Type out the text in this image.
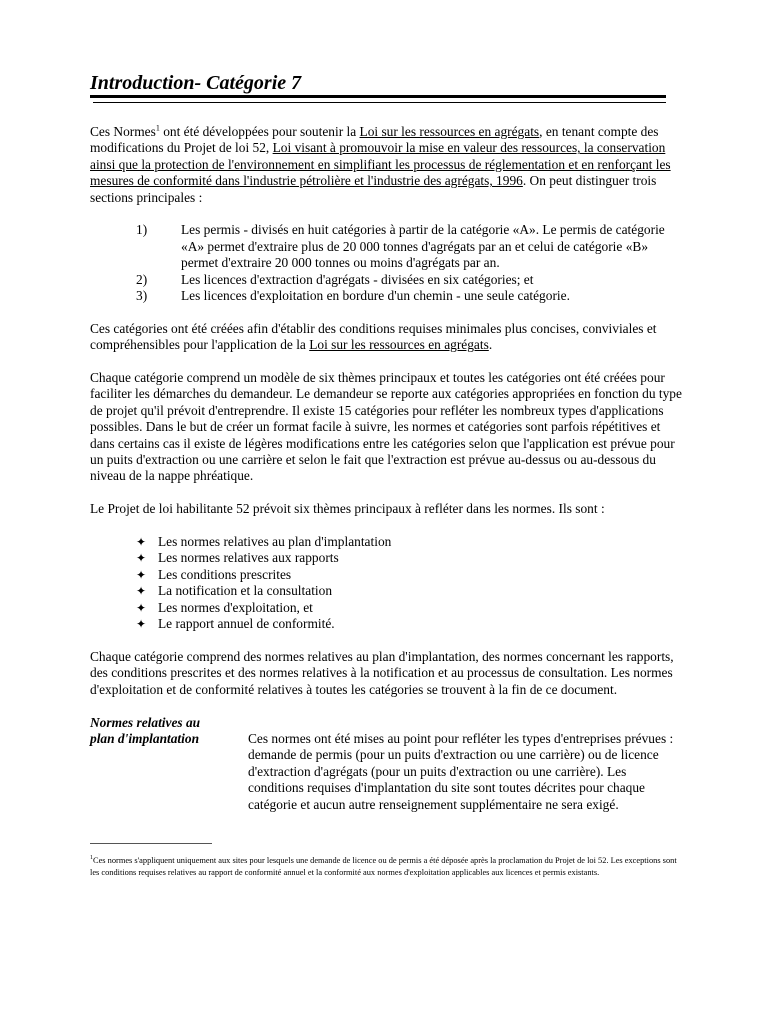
Introduction- Catégorie 7

Ces Normes$^1$ ont été développées pour soutenir la Loi sur les ressources en agrégats, en tenant compte des modifications du Projet de loi 52, Loi visant à promouvoir la mise en valeur des ressources, la conservation ainsi que la protection de l'environnement en simplifiant les processus de réglementation et en renforçant les mesures de conformité dans l'industrie pétrolière et l'industrie des agrégats, 1996. On peut distinguer trois sections principales :

1)	Les permis - divisés en huit catégories à partir de la catégorie «A». Le permis de catégorie «A» permet d'extraire plus de 20 000 tonnes d'agrégats par an et celui de catégorie «B» permet d'extraire 20 000 tonnes ou moins d'agrégats par an.
2)	Les licences d'extraction d'agrégats - divisées en six catégories; et
3)	Les licences d'exploitation en bordure d'un chemin - une seule catégorie.

Ces catégories ont été créées afin d'établir des conditions requises minimales plus concises, conviviales et compréhensibles pour l'application de la Loi sur les ressources en agrégats.

Chaque catégorie comprend un modèle de six thèmes principaux et toutes les catégories ont été créées pour faciliter les démarches du demandeur. Le demandeur se reporte aux catégories appropriées en fonction du type de projet qu'il prévoit d'entreprendre. Il existe 15 catégories pour refléter les nombreux types d'applications possibles. Dans le but de créer un format facile à suivre, les normes et catégories sont parfois répétitives et dans certains cas il existe de légères modifications entre les catégories selon que l'application est prévue pour un puits d'extraction ou une carrière et selon le fait que l'extraction est prévue au-dessus ou au-dessous du niveau de la nappe phréatique.

Le Projet de loi habilitante 52 prévoit six thèmes principaux à refléter dans les normes. Ils sont :

✦ Les normes relatives au plan d'implantation
✦ Les normes relatives aux rapports
✦ Les conditions prescrites
✦ La notification et la consultation
✦ Les normes d'exploitation, et
✦ Le rapport annuel de conformité.

Chaque catégorie comprend des normes relatives au plan d'implantation, des normes concernant les rapports, des conditions prescrites et des normes relatives à la notification et au processus de consultation. Les normes d'exploitation et de conformité relatives à toutes les catégories se trouvent à la fin de ce document.

Normes relatives au plan d'implantation	Ces normes ont été mises au point pour refléter les types d'entreprises prévues : demande de permis (pour un puits d'extraction ou une carrière) ou de licence d'extraction d'agrégats (pour un puits d'extraction ou une carrière). Les conditions requises d'implantation du site sont toutes décrites pour chaque catégorie et aucun autre renseignement supplémentaire ne sera exigé.
$^1$Ces normes s'appliquent uniquement aux sites pour lesquels une demande de licence ou de permis a été déposée après la proclamation du Projet de loi 52. Les exceptions sont les conditions requises relatives au rapport de conformité annuel et la conformité aux normes d'exploitation applicables aux licences et permis existants.
